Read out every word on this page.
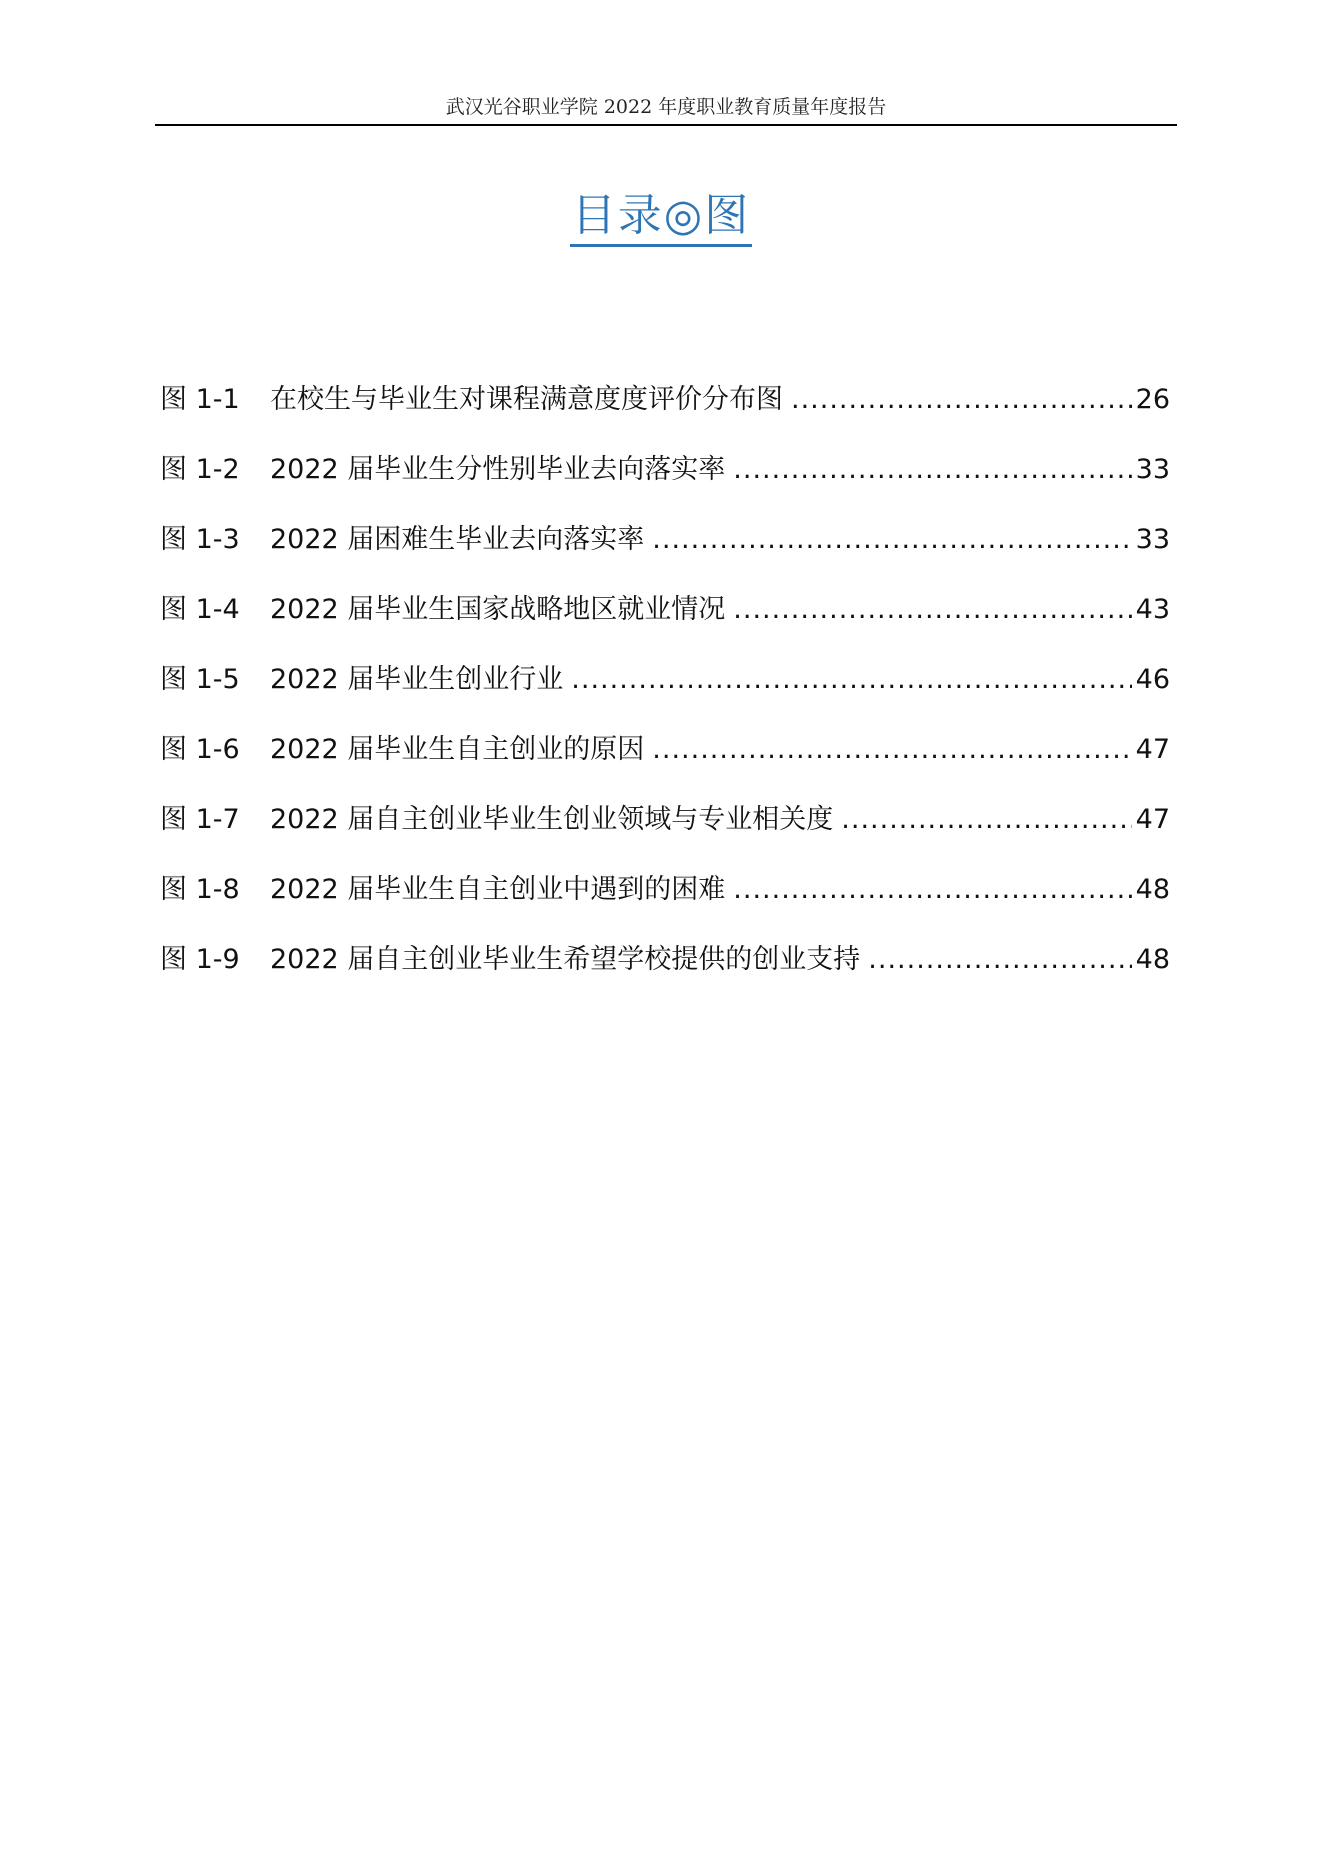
武汉光谷职业学院 2022 年度职业教育质量年度报告
目录◎图
图 1-1	在校生与毕业生对课程满意度度评价分布图 .....	26
图 1-2	2022 届毕业生分性别毕业去向落实率 .....	33
图 1-3	2022 届困难生毕业去向落实率 .....	33
图 1-4	2022 届毕业生国家战略地区就业情况 .....	43
图 1-5	2022 届毕业生创业行业 .....	46
图 1-6	2022 届毕业生自主创业的原因 .....	47
图 1-7	2022 届自主创业毕业生创业领域与专业相关度 .....	47
图 1-8	2022 届毕业生自主创业中遇到的困难 .....	48
图 1-9	2022 届自主创业毕业生希望学校提供的创业支持 .....	48
